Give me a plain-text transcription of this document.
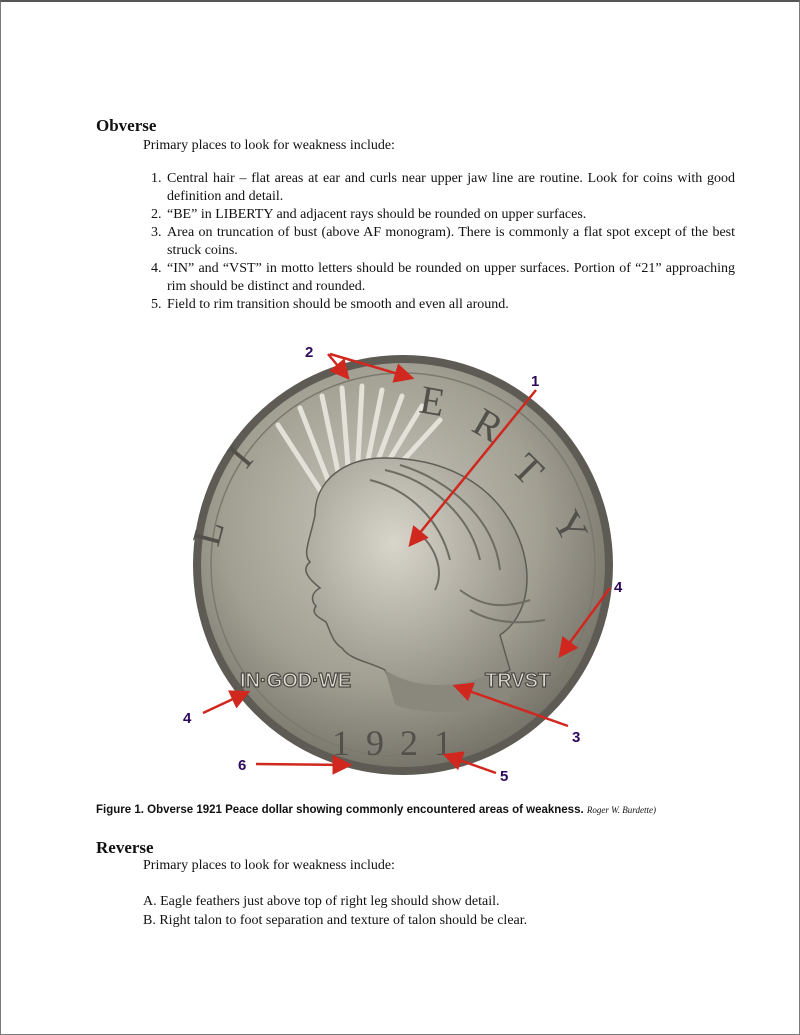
Obverse

Primary places to look for weakness include:

1. Central hair – flat areas at ear and curls near upper jaw line are routine. Look for coins with good definition and detail.
2. “BE” in LIBERTY and adjacent rays should be rounded on upper surfaces.
3. Area on truncation of bust (above AF monogram). There is commonly a flat spot except of the best struck coins.
4. “IN” and “VST” in motto letters should be rounded on upper surfaces. Portion of “21” approaching rim should be distinct and rounded.
5. Field to rim transition should be smooth and even all around.
L
I
E R
T
Y
IN·GOD·WE	TRVST
1921
2
1
4
4
3
5
6

Figure 1. Obverse 1921 Peace dollar showing commonly encountered areas of weakness. Roger W. Burdette)

Reverse

Primary places to look for weakness include:

A. Eagle feathers just above top of right leg should show detail.
B. Right talon to foot separation and texture of talon should be clear.
